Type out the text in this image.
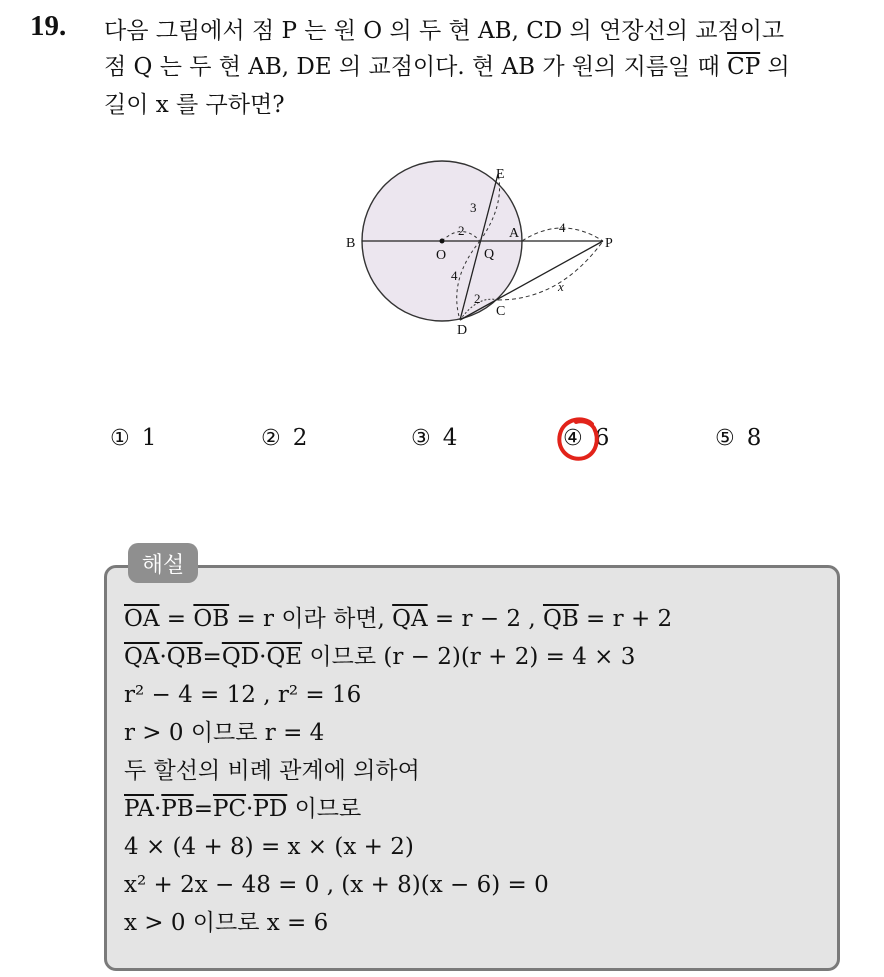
19. 다음 그림에서 점 P 는 원 O 의 두 현 AB, CD 의 연장선의 교점이고
점 Q 는 두 현 AB, DE 의 교점이다. 현 AB 가 원의 지름일 때 $\overline{CP}$ 의
길이 x 를 구하면?
E
B
O	Q
A
P
D
C
3
2	4
4
2
x
① 1	② 2	③ 4	④ 6	⑤ 8
해설
$\overline{OA} = \overline{OB} = r$ 이라 하면, $\overline{QA} = r - 2$ , $\overline{QB} = r + 2$
$\overline{QA}\cdot\overline{QB}=\overline{QD}\cdot\overline{QE}$ 이므로 (r − 2)(r + 2) = 4 × 3
r² − 4 = 12 , r² = 16
r > 0 이므로 r = 4
두 할선의 비례 관계에 의하여
$\overline{PA}\cdot\overline{PB}=\overline{PC}\cdot\overline{PD}$ 이므로
4 × (4 + 8) = x × (x + 2)
x² + 2x − 48 = 0 , (x + 8)(x − 6) = 0
x > 0 이므로 x = 6
